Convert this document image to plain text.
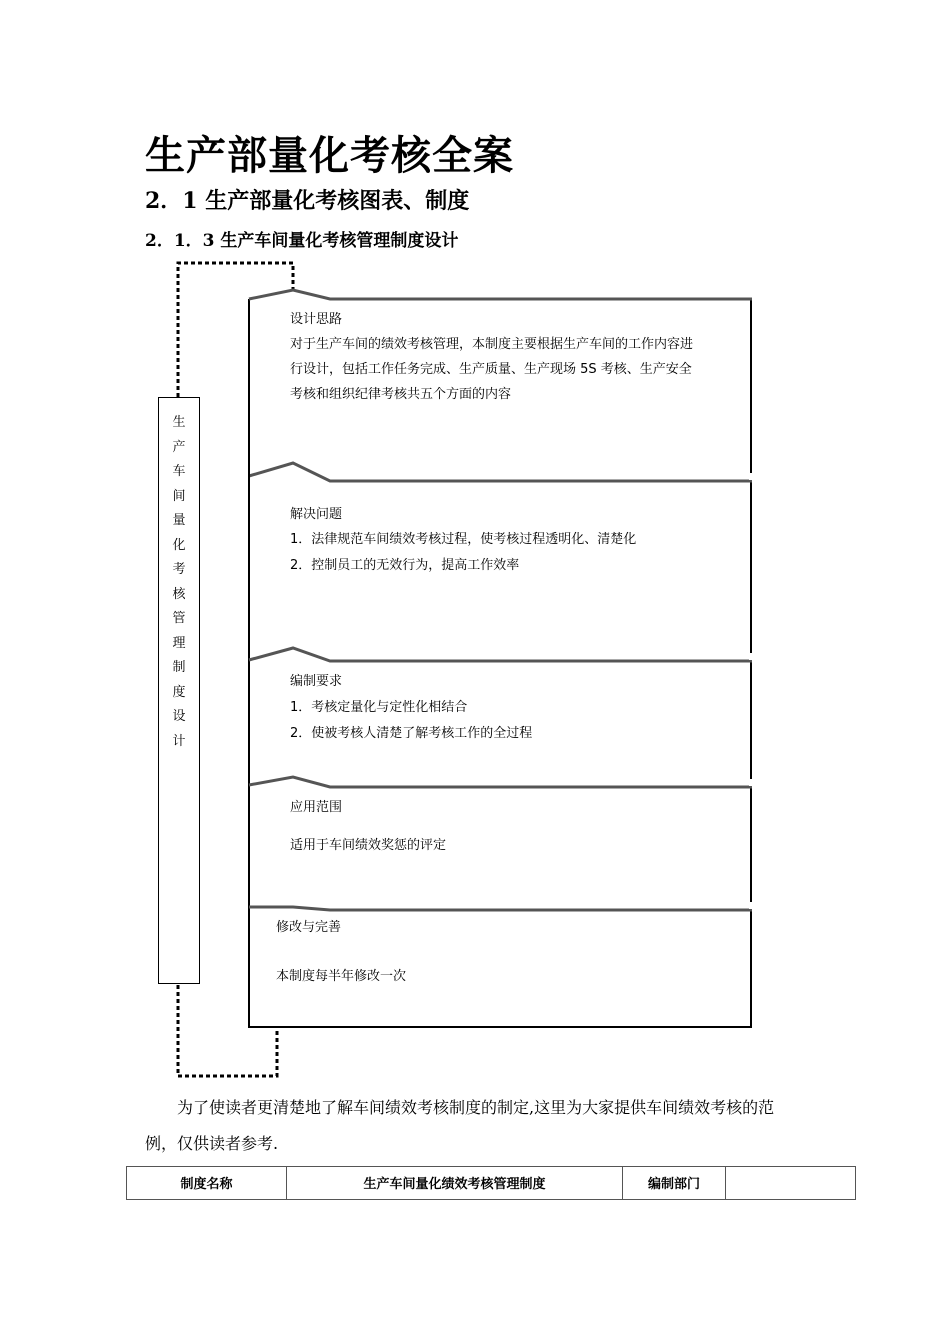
生产部量化考核全案
2．1 生产部量化考核图表、制度
2．1．3 生产车间量化考核管理制度设计
生产车间量化考核管理制度设计
设计思路
对于生产车间的绩效考核管理，本制度主要根据生产车间的工作内容进
行设计，包括工作任务完成、生产质量、生产现场 5S 考核、生产安全
考核和组织纪律考核共五个方面的内容
解决问题
1．法律规范车间绩效考核过程，使考核过程透明化、清楚化
2．控制员工的无效行为，提高工作效率
编制要求
1．考核定量化与定性化相结合
2．使被考核人清楚了解考核工作的全过程
应用范围
适用于车间绩效奖惩的评定
修改与完善
本制度每半年修改一次
为了使读者更清楚地了解车间绩效考核制度的制定,这里为大家提供车间绩效考核的范
例，仅供读者参考.
制度名称	生产车间量化绩效考核管理制度	编制部门	
